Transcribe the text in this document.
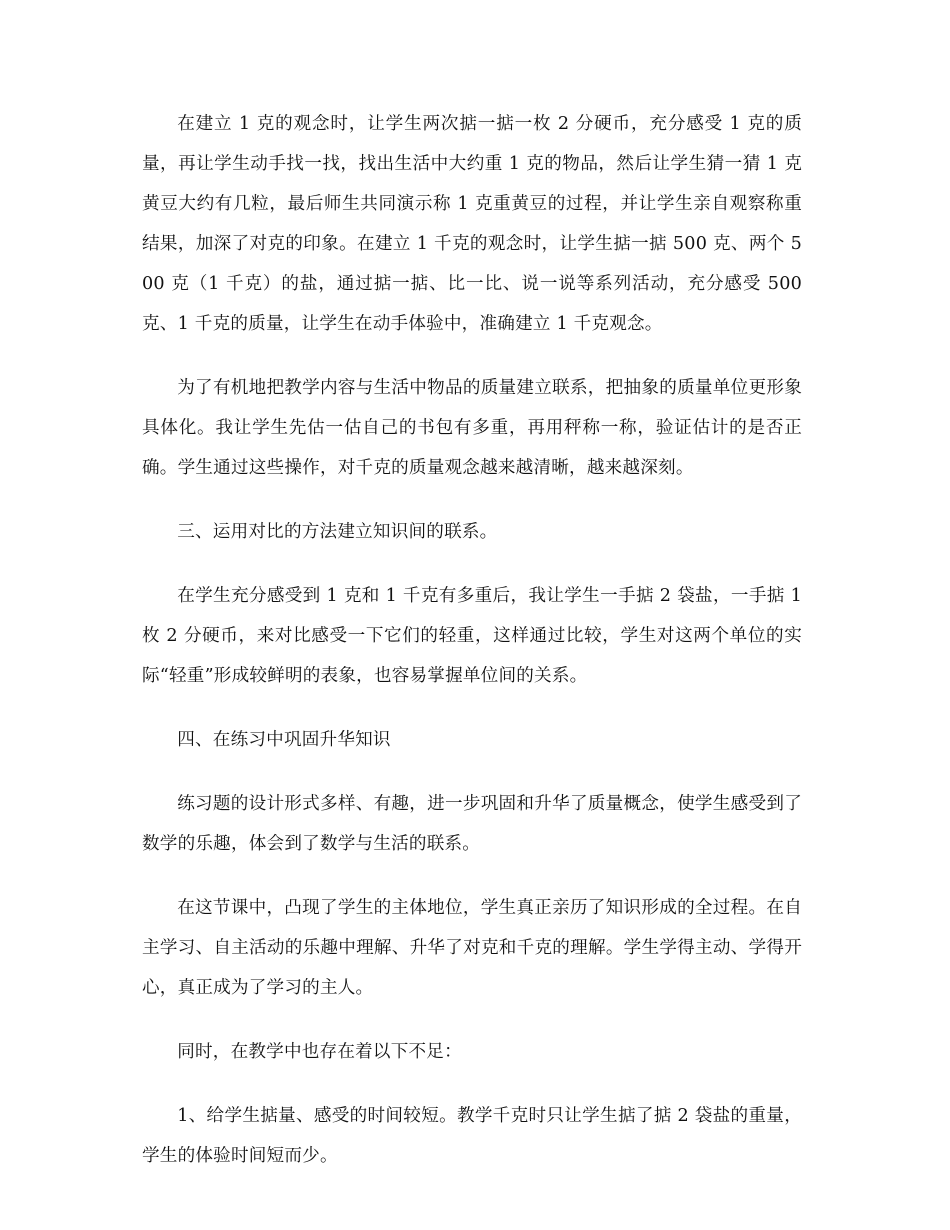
在建立 1 克的观念时，让学生两次掂一掂一枚 2 分硬币，充分感受 1 克的质量，再让学生动手找一找，找出生活中大约重 1 克的物品，然后让学生猜一猜 1 克黄豆大约有几粒，最后师生共同演示称 1 克重黄豆的过程，并让学生亲自观察称重结果，加深了对克的印象。在建立 1 千克的观念时，让学生掂一掂 500 克、两个 500 克（1 千克）的盐，通过掂一掂、比一比、说一说等系列活动，充分感受 500 克、1 千克的质量，让学生在动手体验中，准确建立 1 千克观念。

为了有机地把教学内容与生活中物品的质量建立联系，把抽象的质量单位更形象具体化。我让学生先估一估自己的书包有多重，再用秤称一称，验证估计的是否正确。学生通过这些操作，对千克的质量观念越来越清晰，越来越深刻。

三、运用对比的方法建立知识间的联系。

在学生充分感受到 1 克和 1 千克有多重后，我让学生一手掂 2 袋盐，一手掂 1 枚 2 分硬币，来对比感受一下它们的轻重，这样通过比较，学生对这两个单位的实际“轻重”形成较鲜明的表象，也容易掌握单位间的关系。

四、在练习中巩固升华知识

练习题的设计形式多样、有趣，进一步巩固和升华了质量概念，使学生感受到了数学的乐趣，体会到了数学与生活的联系。

在这节课中，凸现了学生的主体地位，学生真正亲历了知识形成的全过程。在自主学习、自主活动的乐趣中理解、升华了对克和千克的理解。学生学得主动、学得开心，真正成为了学习的主人。

同时，在教学中也存在着以下不足：

1、给学生掂量、感受的时间较短。教学千克时只让学生掂了掂 2 袋盐的重量，学生的体验时间短而少。
